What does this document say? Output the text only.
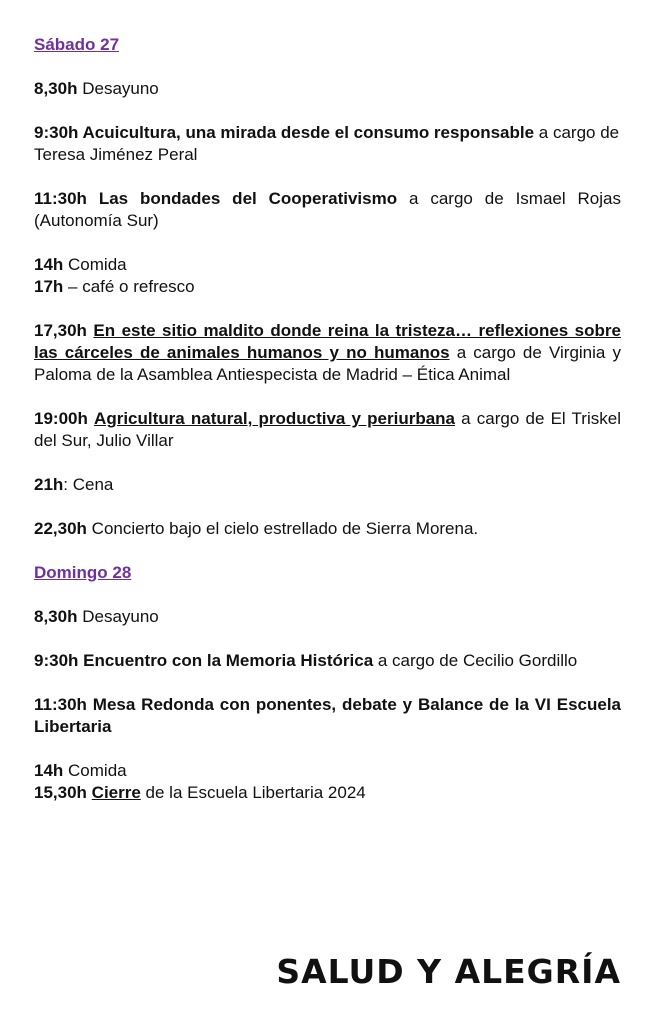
Sábado 27

8,30h Desayuno

9:30h Acuicultura, una mirada desde el consumo responsable a cargo de Teresa Jiménez Peral

11:30h Las bondades del Cooperativismo a cargo de Ismael Rojas (Autonomía Sur)

14h Comida

17h – café o refresco

17,30h En este sitio maldito donde reina la tristeza… reflexiones sobre las cárceles de animales humanos y no humanos a cargo de Virginia y Paloma de la Asamblea Antiespecista de Madrid – Ética Animal

19:00h Agricultura natural, productiva y periurbana a cargo de El Triskel del Sur, Julio Villar

21h: Cena

22,30h Concierto bajo el cielo estrellado de Sierra Morena.

Domingo 28

8,30h Desayuno

9:30h Encuentro con la Memoria Histórica a cargo de Cecilio Gordillo

11:30h Mesa Redonda con ponentes, debate y Balance de la VI Escuela Libertaria

14h Comida

15,30h Cierre de la Escuela Libertaria 2024

SALUD Y ALEGRÍA
